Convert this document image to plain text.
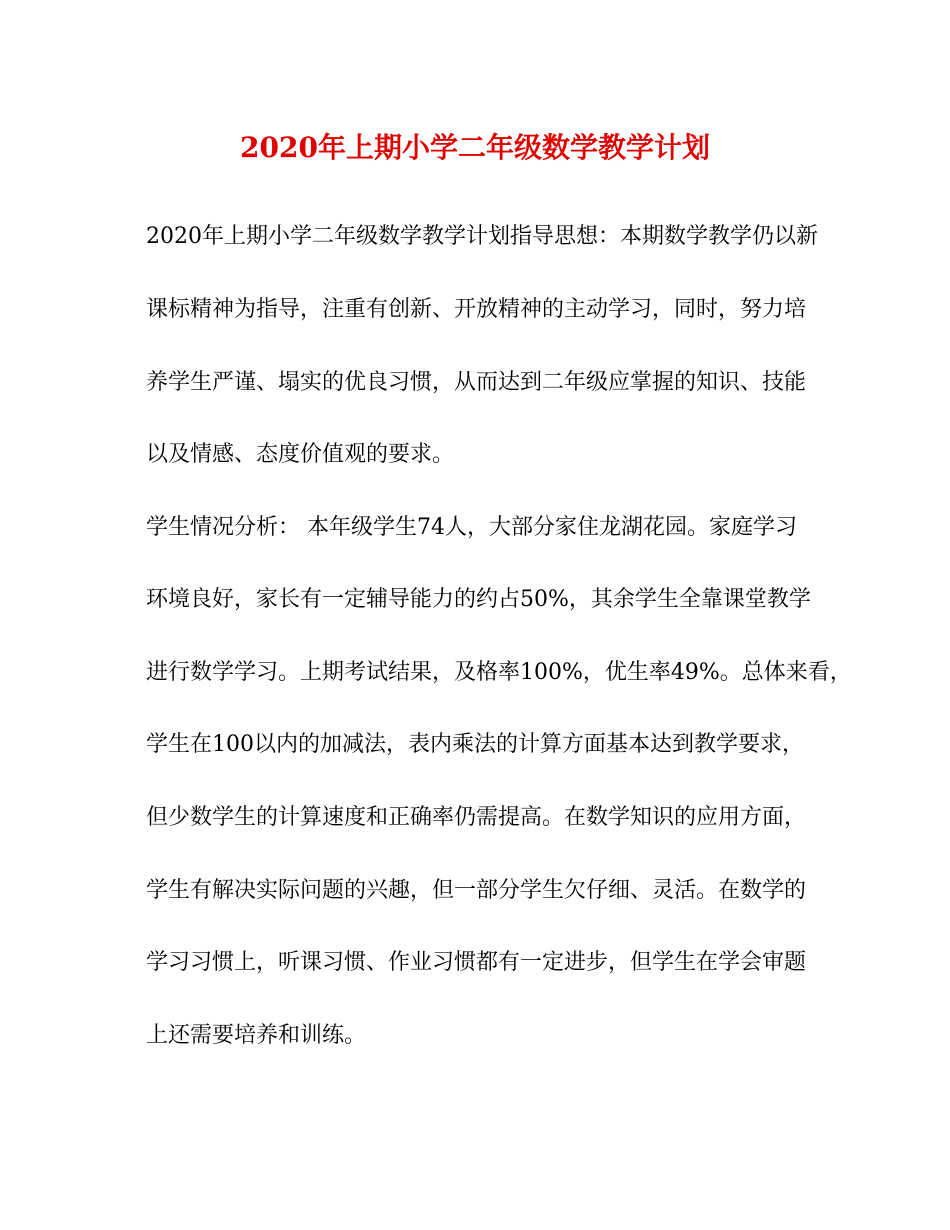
2020年上期小学二年级数学教学计划
2020年上期小学二年级数学教学计划指导思想：本期数学教学仍以新
课标精神为指导，注重有创新、开放精神的主动学习，同时，努力培
养学生严谨、塌实的优良习惯，从而达到二年级应掌握的知识、技能
以及情感、态度价值观的要求。
学生情况分析： 本年级学生74人，大部分家住龙湖花园。家庭学习
环境良好，家长有一定辅导能力的约占50%，其余学生全靠课堂教学
进行数学学习。上期考试结果，及格率100%，优生率49%。总体来看，
学生在100以内的加减法，表内乘法的计算方面基本达到教学要求，
但少数学生的计算速度和正确率仍需提高。在数学知识的应用方面，
学生有解决实际问题的兴趣，但一部分学生欠仔细、灵活。在数学的
学习习惯上，听课习惯、作业习惯都有一定进步，但学生在学会审题
上还需要培养和训练。
